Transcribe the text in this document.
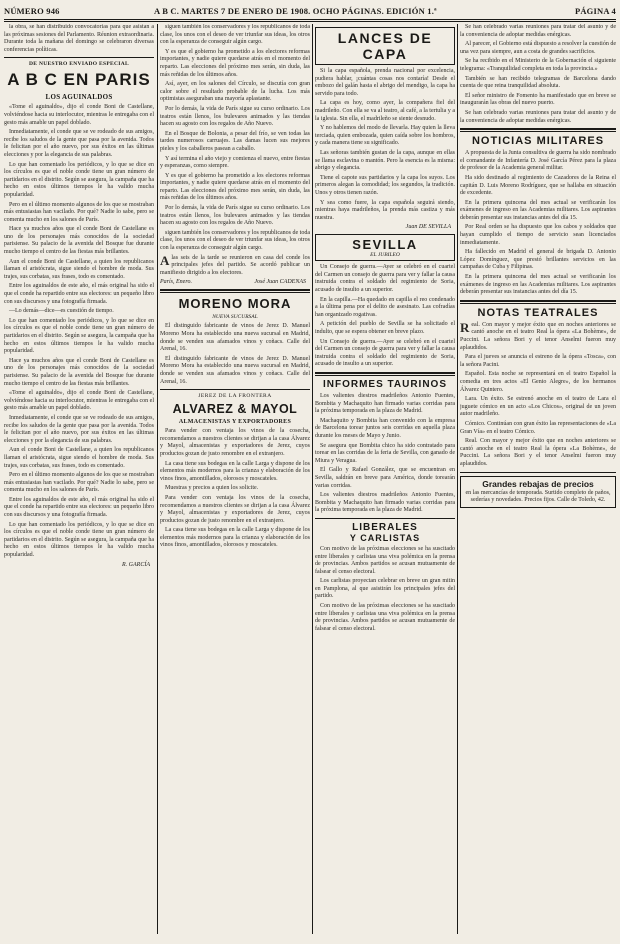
NÚMERO 946	A B C. MARTES 7 DE ENERO DE 1908. OCHO PÁGINAS. EDICIÓN 1.ª	PÁGINA 4

la obra, se han distribuido convocatorias para que asistan a las próximas sesiones del Parlamento. Réunion extraordinaria. Durante toda la mañana del domingo se celebraron diversas conferencias políticas.

DE NUESTRO ENVIADO ESPECIAL
A B C EN PARIS
LOS AGUINALDOS

«Tome el aguinaldo», dijo el conde Boni de Castellane, volviéndose hacia su interlocutor, mientras le entregaba con el gesto más amable un papel doblado.

Inmediatamente, el conde que se ve rodeado de sus amigos, recibe los saludos de la gente que pasa por la avenida. Todos le felicitan por el año nuevo, por sus éxitos en las últimas elecciones y por la elegancia de sus palabras.

Lo que han comentado los periódicos, y lo que se dice en los círculos es que el noble conde tiene un gran número de partidarios en el distrito. Según se asegura, la campaña que ha hecho en estos últimos tiempos le ha valido mucha popularidad.

Pero en el último momento algunos de los que se mostraban más entusiastas han vacilado. Por qué? Nadie lo sabe, pero se comenta mucho en los salones de París.

Hace ya muchos años que el conde Boni de Castellane es uno de los personajes más conocidos de la sociedad parisiense. Su palacio de la avenida del Bosque fue durante mucho tiempo el centro de las fiestas más brillantes.

Aun el conde Boni de Castellane, a quien los republicanos llaman el aristócrata, sigue siendo el hombre de moda. Sus trajes, sus corbatas, sus frases, todo es comentado.

Entre los aguinaldos de este año, el más original ha sido el que el conde ha repartido entre sus electores: un pequeño libro con sus discursos y una fotografía firmada.

—Lo demás—dice—es cuestión de tiempo.

Lo que han comentado los periódicos, y lo que se dice en los círculos es que el noble conde tiene un gran número de partidarios en el distrito. Según se asegura, la campaña que ha hecho en estos últimos tiempos le ha valido mucha popularidad.

Hace ya muchos años que el conde Boni de Castellane es uno de los personajes más conocidos de la sociedad parisiense. Su palacio de la avenida del Bosque fue durante mucho tiempo el centro de las fiestas más brillantes.

«Tome el aguinaldo», dijo el conde Boni de Castellane, volviéndose hacia su interlocutor, mientras le entregaba con el gesto más amable un papel doblado.

Inmediatamente, el conde que se ve rodeado de sus amigos, recibe los saludos de la gente que pasa por la avenida. Todos le felicitan por el año nuevo, por sus éxitos en las últimas elecciones y por la elegancia de sus palabras.

Aun el conde Boni de Castellane, a quien los republicanos llaman el aristócrata, sigue siendo el hombre de moda. Sus trajes, sus corbatas, sus frases, todo es comentado.

Pero en el último momento algunos de los que se mostraban más entusiastas han vacilado. Por qué? Nadie lo sabe, pero se comenta mucho en los salones de París.

Entre los aguinaldos de este año, el más original ha sido el que el conde ha repartido entre sus electores: un pequeño libro con sus discursos y una fotografía firmada.

Lo que han comentado los periódicos, y lo que se dice en los círculos es que el noble conde tiene un gran número de partidarios en el distrito. Según se asegura, la campaña que ha hecho en estos últimos tiempos le ha valido mucha popularidad.

R. GARCÍA

siguen también los conservadores y los republicanos de toda clase, los unos con el deseo de ver triunfar sus ideas, los otros con la esperanza de conseguir algún cargo.

Y es que el gobierno ha prometido a los electores reformas importantes, y nadie quiere quedarse atrás en el momento del reparto. Las elecciones del próximo mes serán, sin duda, las más reñidas de los últimos años.

Así, ayer, en los salones del Círculo, se discutía con gran calor sobre el resultado probable de la lucha. Los más optimistas aseguraban una mayoría aplastante.

Por lo demás, la vida de París sigue su curso ordinario. Los teatros están llenos, los bulevares animados y las tiendas hacen su agosto con los regalos de Año Nuevo.

En el Bosque de Bolonia, a pesar del frío, se ven todas las tardes numerosos carruajes. Las damas lucen sus mejores pieles y los caballeros pasean a caballo.

Y así termina el año viejo y comienza el nuevo, entre fiestas y esperanzas, como siempre.

Y es que el gobierno ha prometido a los electores reformas importantes, y nadie quiere quedarse atrás en el momento del reparto. Las elecciones del próximo mes serán, sin duda, las más reñidas de los últimos años.

Por lo demás, la vida de París sigue su curso ordinario. Los teatros están llenos, los bulevares animados y las tiendas hacen su agosto con los regalos de Año Nuevo.

siguen también los conservadores y los republicanos de toda clase, los unos con el deseo de ver triunfar sus ideas, los otros con la esperanza de conseguir algún cargo.

Alas seis de la tarde se reunieron en casa del conde los principales jefes del partido. Se acordó publicar un manifiesto dirigido a los electores.

París, Enero.	José Juan CADENAS
MORENO MORA
NUEVA SUCURSAL

El distinguido fabricante de vinos de Jerez D. Manuel Moreno Mora ha establecido una nueva sucursal en Madrid, donde se venden sus afamados vinos y coñacs. Calle del Arenal, 16.

El distinguido fabricante de vinos de Jerez D. Manuel Moreno Mora ha establecido una nueva sucursal en Madrid, donde se venden sus afamados vinos y coñacs. Calle del Arenal, 16.

JEREZ DE LA FRONTERA
ALVAREZ & MAYOL
ALMACENISTAS Y EXPORTADORES

Para vender con ventaja los vinos de la cosecha, recomendamos a nuestros clientes se dirijan a la casa Álvarez y Mayol, almacenistas y exportadores de Jerez, cuyos productos gozan de justo renombre en el extranjero.

La casa tiene sus bodegas en la calle Larga y dispone de los elementos más modernos para la crianza y elaboración de los vinos finos, amontillados, olorosos y moscateles.

Muestras y precios a quien los solicite.

Para vender con ventaja los vinos de la cosecha, recomendamos a nuestros clientes se dirijan a la casa Álvarez y Mayol, almacenistas y exportadores de Jerez, cuyos productos gozan de justo renombre en el extranjero.

La casa tiene sus bodegas en la calle Larga y dispone de los elementos más modernos para la crianza y elaboración de los vinos finos, amontillados, olorosos y moscateles.

LANCES DE CAPA

Si la capa española, prenda nacional por excelencia, pudiera hablar, ¡cuántas cosas nos contaría! Desde el embozo del galán hasta el abrigo del mendigo, la capa ha servido para todo.

La capa es hoy, como ayer, la compañera fiel del madrileño. Con ella se va al teatro, al café, a la tertulia y a la iglesia. Sin ella, el madrileño se siente desnudo.

Y no hablemos del modo de llevarla. Hay quien la lleva terciada, quien embozada, quien caída sobre los hombros, y cada manera tiene su significado.

Las señoras también gustan de la capa, aunque en ellas se llama esclavina o mantón. Pero la esencia es la misma: abrigo y elegancia.

Tiene el capote sus partidarios y la capa los suyos. Los primeros alegan la comodidad; los segundos, la tradición. Unos y otros tienen razón.

Y sea como fuere, la capa española seguirá siendo, mientras haya madrileños, la prenda más castiza y más nuestra.

Juan DE SEVILLA
SEVILLA
EL JUBILEO

Un Consejo de guerra.—Ayer se celebró en el cuartel del Carmen un consejo de guerra para ver y fallar la causa instruida contra el soldado del regimiento de Soria, acusado de insulto a un superior.

En la capilla.—Ha quedado en capilla el reo condenado a la última pena por el delito de asesinato. Las cofradías han organizado rogativas.

A petición del pueblo de Sevilla se ha solicitado el indulto, que se espera obtener en breve plazo.

Un Consejo de guerra.—Ayer se celebró en el cuartel del Carmen un consejo de guerra para ver y fallar la causa instruida contra el soldado del regimiento de Soria, acusado de insulto a un superior.

INFORMES TAURINOS

Los valientes diestros madrileños Antonio Fuentes, Bombita y Machaquito han firmado varias corridas para la próxima temporada en la plaza de Madrid.

Machaquito y Bombita han convenido con la empresa de Barcelona torear juntos seis corridas en aquella plaza durante los meses de Mayo y Junio.

Se asegura que Bombita chico ha sido contratado para torear en las corridas de la feria de Sevilla, con ganado de Miura y Veragua.

El Gallo y Rafael González, que se encuentran en Sevilla, saldrán en breve para América, donde torearán varias corridas.

Los valientes diestros madrileños Antonio Fuentes, Bombita y Machaquito han firmado varias corridas para la próxima temporada en la plaza de Madrid.

LIBERALES
Y CARLISTAS

Con motivo de las próximas elecciones se ha suscitado entre liberales y carlistas una viva polémica en la prensa de provincias. Ambos partidos se acusan mutuamente de falsear el censo electoral.

Los carlistas proyectan celebrar en breve un gran mitin en Pamplona, al que asistirán los principales jefes del partido.

Con motivo de las próximas elecciones se ha suscitado entre liberales y carlistas una viva polémica en la prensa de provincias. Ambos partidos se acusan mutuamente de falsear el censo electoral.

Se han celebrado varias reuniones para tratar del asunto y de la conveniencia de adoptar medidas enérgicas.

Al parecer, el Gobierno está dispuesto a resolver la cuestión de una vez para siempre, aun a costa de grandes sacrificios.

Se ha recibido en el Ministerio de la Gobernación el siguiente telegrama: «Tranquilidad completa en toda la provincia.»

También se han recibido telegramas de Barcelona dando cuenta de que reina tranquilidad absoluta.

El señor ministro de Fomento ha manifestado que en breve se inaugurarán las obras del nuevo puerto.

Se han celebrado varias reuniones para tratar del asunto y de la conveniencia de adoptar medidas enérgicas.

NOTICIAS MILITARES

A propuesta de la Junta consultiva de guerra ha sido nombrado el comandante de Infantería D. José García Pérez para la plaza de profesor de la Academia general militar.

Ha sido destinado al regimiento de Cazadores de la Reina el capitán D. Luis Moreno Rodríguez, que se hallaba en situación de excedente.

En la primera quincena del mes actual se verificarán los exámenes de ingreso en las Academias militares. Los aspirantes deberán presentar sus instancias antes del día 15.

Por Real orden se ha dispuesto que los cabos y soldados que hayan cumplido el tiempo de servicio sean licenciados inmediatamente.

Ha fallecido en Madrid el general de brigada D. Antonio López Domínguez, que prestó brillantes servicios en las campañas de Cuba y Filipinas.

En la primera quincena del mes actual se verificarán los exámenes de ingreso en las Academias militares. Los aspirantes deberán presentar sus instancias antes del día 15.

NOTAS TEATRALES

Real. Con mayor y mejor éxito que en noches anteriores se cantó anoche en el teatro Real la ópera «La Bohème», de Puccini. La señora Bori y el tenor Anselmi fueron muy aplaudidos.

Para el jueves se anuncia el estreno de la ópera «Tosca», con la señora Pacini.

Español. Esta noche se representará en el teatro Español la comedia en tres actos «El Genio Alegre», de los hermanos Álvarez Quintero.

Lara. Un éxito. Se estrenó anoche en el teatro de Lara el juguete cómico en un acto «Los Chicos», original de un joven autor madrileño.

Cómico. Continúan con gran éxito las representaciones de «La Gran Vía» en el teatro Cómico.

Real. Con mayor y mejor éxito que en noches anteriores se cantó anoche en el teatro Real la ópera «La Bohème», de Puccini. La señora Bori y el tenor Anselmi fueron muy aplaudidos.

Grandes rebajas de precios

en las mercancías de temporada. Surtido completo de paños, sederías y novedades. Precios fijos. Calle de Toledo, 42.
